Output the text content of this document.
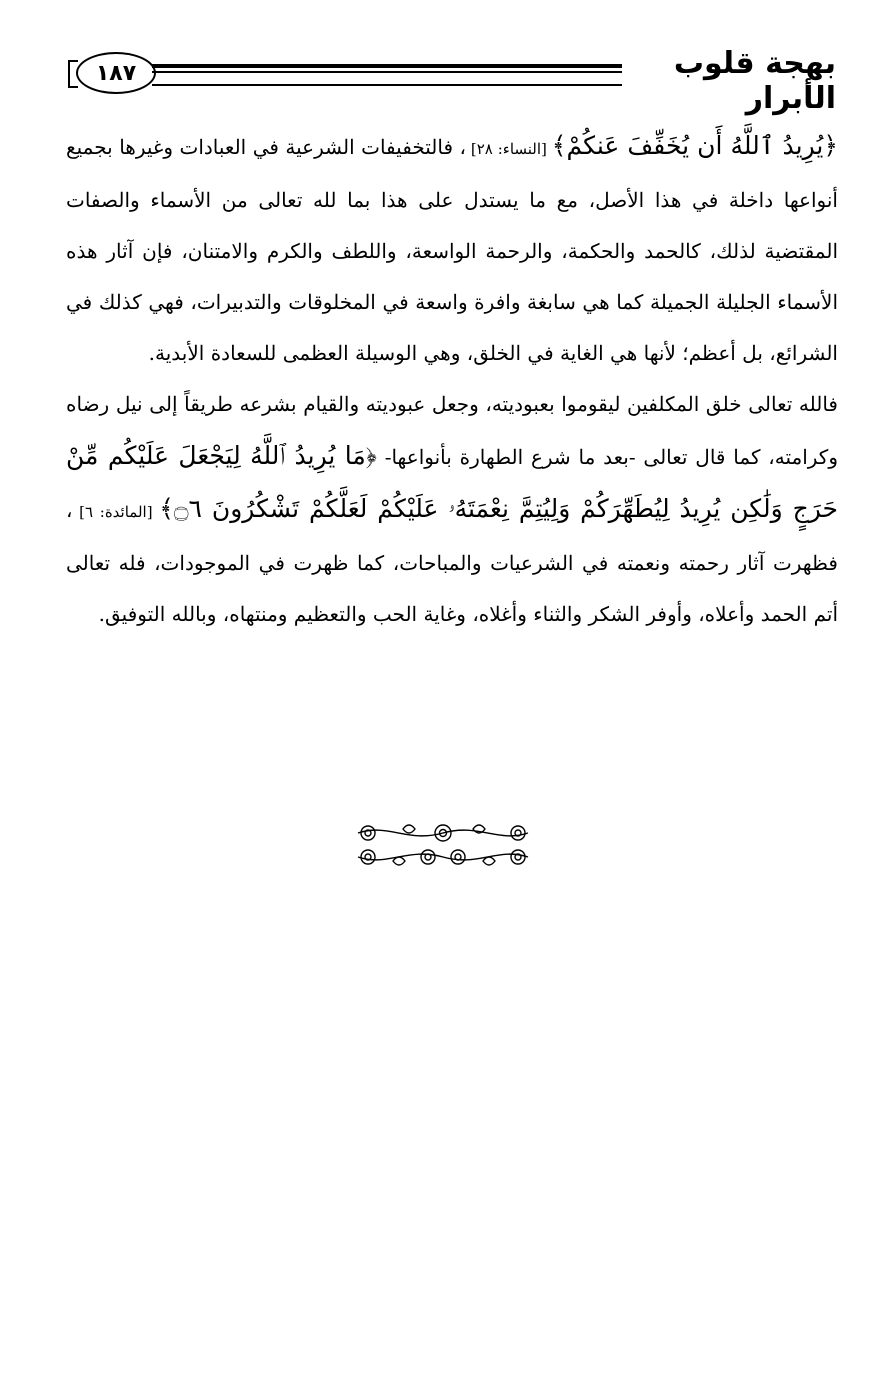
١٨٧	بهجة قلوب الأبرار

﴿يُرِيدُ ٱللَّهُ أَن يُخَفِّفَ عَنكُمْ﴾ [النساء: ٢٨] ، فالتخفيفات الشرعية في العبادات وغيرها بجميع أنواعها داخلة في هذا الأصل، مع ما يستدل على هذا بما لله تعالى من الأسماء والصفات المقتضية لذلك، كالحمد والحكمة، والرحمة الواسعة، واللطف والكرم والامتنان، فإن آثار هذه الأسماء الجليلة الجميلة كما هي سابغة وافرة واسعة في المخلوقات والتدبيرات، فهي كذلك في الشرائع، بل أعظم؛ لأنها هي الغاية في الخلق، وهي الوسيلة العظمى للسعادة الأبدية.

فالله تعالى خلق المكلفين ليقوموا بعبوديته، وجعل عبوديته والقيام بشرعه طريقاً إلى نيل رضاه وكرامته، كما قال تعالى -بعد ما شرع الطهارة بأنواعها- ﴿مَا يُرِيدُ ٱللَّهُ لِيَجْعَلَ عَلَيْكُم مِّنْ حَرَجٍ وَلَٰكِن يُرِيدُ لِيُطَهِّرَكُمْ وَلِيُتِمَّ نِعْمَتَهُۥ عَلَيْكُمْ لَعَلَّكُمْ تَشْكُرُونَ ۝٦﴾ [المائدة: ٦] ، فظهرت آثار رحمته ونعمته في الشرعيات والمباحات، كما ظهرت في الموجودات، فله تعالى أتم الحمد وأعلاه، وأوفر الشكر والثناء وأغلاه، وغاية الحب والتعظيم ومنتهاه، وبالله التوفيق.
